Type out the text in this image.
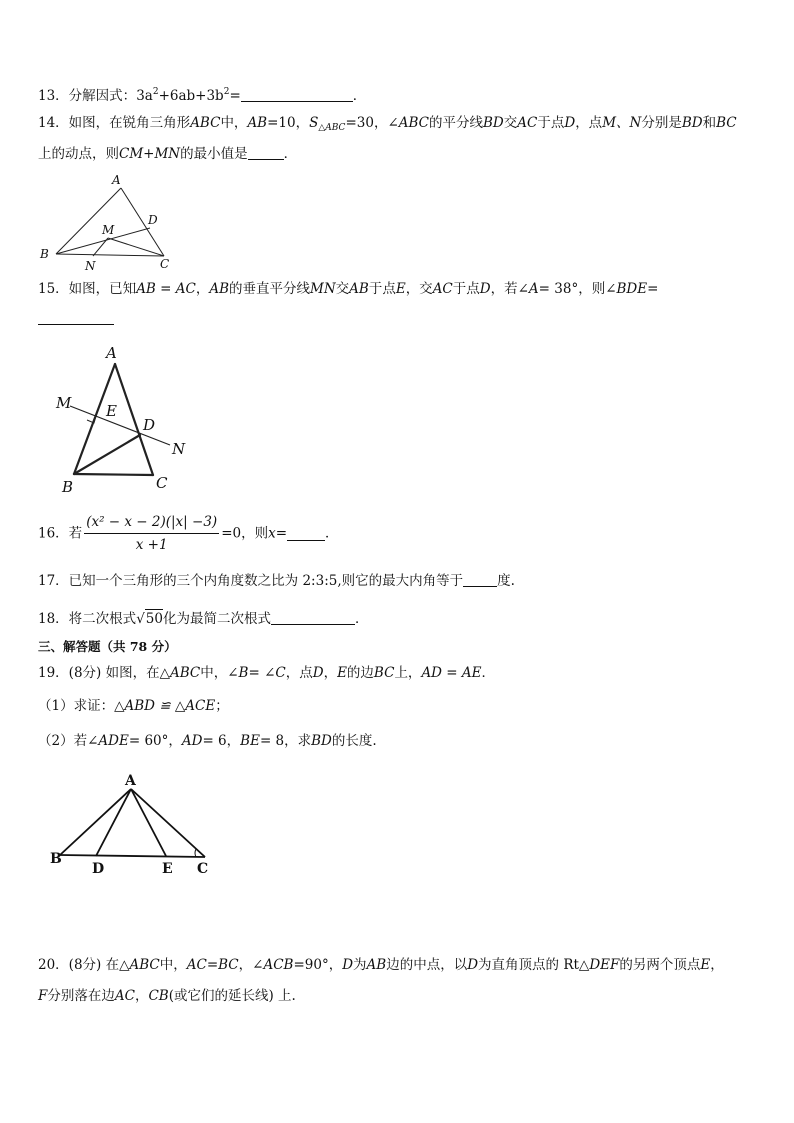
13．分解因式：$3a^2+6ab+3b^2=$	．
14．如图，在锐角三角形ABC中，AB=10，$S_{\triangle ABC}=30$，∠ABC的平分线BD交AC于点D，点M、N分别是BD和BC
上的动点，则CM+MN的最小值是	．
A
B
C
D
M
N
15．如图，已知AB = AC，AB的垂直平分线MN交AB于点E，交AC于点D，若∠A= 38°，则∠BDE=
A
M E
D
N
B	C
16．若 $\frac{\text{(x² − x − 2)(|x| −3)}}{x +1} =0$，则x=	．
17．已知一个三角形的三个内角度数之比为 2:3:5,则它的最大内角等于	度.
18．将二次根式√50化为最简二次根式	．
三、解答题（共 78 分）
19．(8分) 如图，在△ABC中，∠B= ∠C，点D，E的边BC上，AD = AE．
（1）求证：△ABD ≌ △ACE；
（2）若∠ADE= 60°，AD= 6，BE= 8，求BD的长度.
A
B
D	E C
20．(8分) 在△ABC中，AC=BC，∠ACB=90°，D为AB边的中点，以D为直角顶点的 Rt△DEF的另两个顶点E，
F分别落在边AC，CB(或它们的延长线) 上.
